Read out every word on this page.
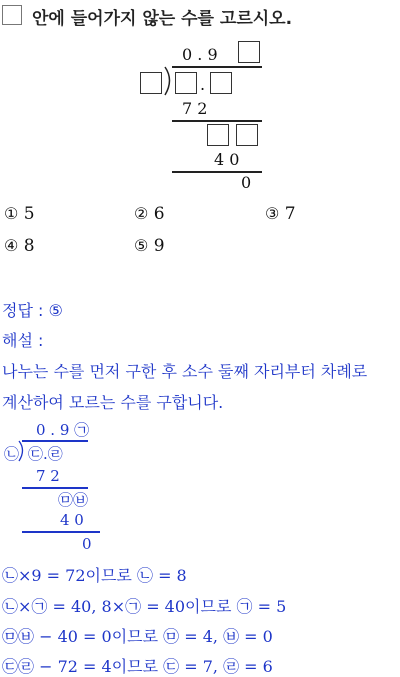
안에 들어가지 않는 수를 고르시오.
0 . 9
.
7 2
4 0
0
① 5	② 6	③ 7
④ 8	⑤ 9
정답 : ⑤
해설 :
나누는 수를 먼저 구한 후 소수 둘째 자리부터 차례로
계산하여 모르는 수를 구합니다.
0 . 9 ㉠
㉡ ㉢.㉣
7 2
㉤㉥
4 0
0
㉡×9 = 72이므로 ㉡ = 8
㉡×㉠ = 40, 8×㉠ = 40이므로 ㉠ = 5
㉤㉥ − 40 = 0이므로 ㉤ = 4, ㉥ = 0
㉢㉣ − 72 = 4이므로 ㉢ = 7, ㉣ = 6
